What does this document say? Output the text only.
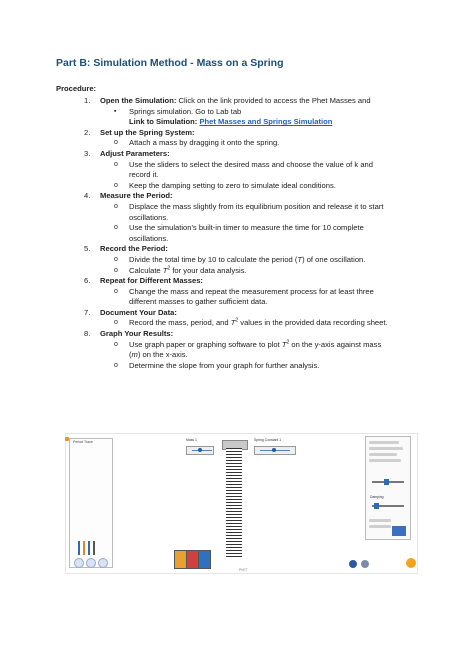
Part B: Simulation Method - Mass on a Spring
Procedure:
1. Open the Simulation: Click on the link provided to access the Phet Masses and
▪ Springs simulation. Go to Lab tab
Link to Simulation: Phet Masses and Springs Simulation
2. Set up the Spring System:
o Attach a mass by dragging it onto the spring.
3. Adjust Parameters:
o Use the sliders to select the desired mass and choose the value of k and
record it.
o Keep the damping setting to zero to simulate ideal conditions.
4. Measure the Period:
o Displace the mass slightly from its equilibrium position and release it to start
oscillations.
o Use the simulation's built-in timer to measure the time for 10 complete
oscillations.
5. Record the Period:
o Divide the total time by 10 to calculate the period (T) of one oscillation.
o Calculate $T^2$ for your data analysis.
6. Repeat for Different Masses:
o Change the mass and repeat the measurement process for at least three
different masses to gather sufficient data.
7. Document Your Data:
o Record the mass, period, and $T^2$ values in the provided data recording sheet.
8. Graph Your Results:
o Use graph paper or graphing software to plot $T^2$ on the y-axis against mass
(m) on the x-axis.
o Determine the slope from your graph for further analysis.
Period Trace	Mass 1	Spring Constant 1
PhET
Damping
